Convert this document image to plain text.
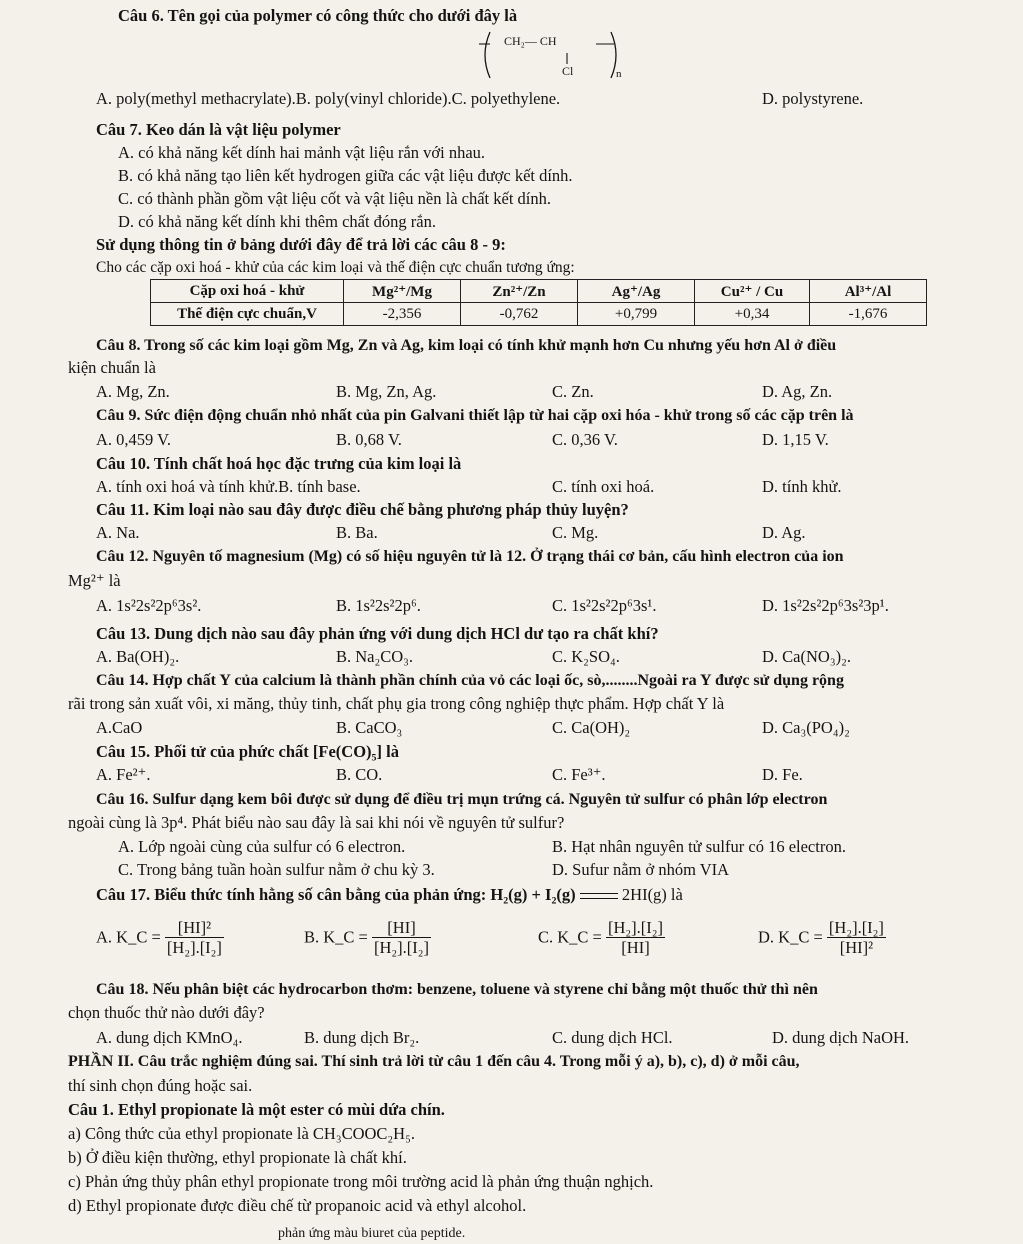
Câu 6. Tên gọi của polymer có công thức cho dưới đây là
CH₂— CH
Cl	n
A. poly(methyl methacrylate).B. poly(vinyl chloride).C. polyethylene.	D. polystyrene.
Câu 7. Keo dán là vật liệu polymer
A. có khả năng kết dính hai mảnh vật liệu rắn với nhau.
B. có khả năng tạo liên kết hydrogen giữa các vật liệu được kết dính.
C. có thành phần gồm vật liệu cốt và vật liệu nền là chất kết dính.
D. có khả năng kết dính khi thêm chất đóng rắn.
Sử dụng thông tin ở bảng dưới đây để trả lời các câu 8 - 9:
Cho các cặp oxi hoá - khử của các kim loại và thế điện cực chuẩn tương ứng:
Cặp oxi hoá - khử	Mg²⁺/Mg	Zn²⁺/Zn	Ag⁺/Ag	Cu²⁺ / Cu	Al³⁺/Al
Thế điện cực chuẩn,V	-2,356	-0,762	+0,799	+0,34	-1,676
Câu 8. Trong số các kim loại gồm Mg, Zn và Ag, kim loại có tính khử mạnh hơn Cu nhưng yếu hơn Al ở điều
kiện chuẩn là
A. Mg, Zn.	B. Mg, Zn, Ag.	C. Zn.	D. Ag, Zn.
Câu 9. Sức điện động chuẩn nhỏ nhất của pin Galvani thiết lập từ hai cặp oxi hóa - khử trong số các cặp trên là
A. 0,459 V.	B. 0,68 V.	C. 0,36 V.	D. 1,15 V.
Câu 10. Tính chất hoá học đặc trưng của kim loại là
A. tính oxi hoá và tính khử.B. tính base.	C. tính oxi hoá.	D. tính khử.
Câu 11. Kim loại nào sau đây được điều chế bằng phương pháp thủy luyện?
A. Na.	B. Ba.	C. Mg.	D. Ag.
Câu 12. Nguyên tố magnesium (Mg) có số hiệu nguyên tử là 12. Ở trạng thái cơ bản, cấu hình electron của ion
Mg²⁺ là
A. 1s²2s²2p⁶3s².	B. 1s²2s²2p⁶.	C. 1s²2s²2p⁶3s¹.	D. 1s²2s²2p⁶3s²3p¹.
Câu 13. Dung dịch nào sau đây phản ứng với dung dịch HCl dư tạo ra chất khí?
A. Ba(OH)₂.	B. Na₂CO₃.	C. K₂SO₄.	D. Ca(NO₃)₂.
Câu 14. Hợp chất Y của calcium là thành phần chính của vỏ các loại ốc, sò,........Ngoài ra Y được sử dụng rộng
rãi trong sản xuất vôi, xi măng, thủy tinh, chất phụ gia trong công nghiệp thực phẩm. Hợp chất Y là
A.CaO	B. CaCO₃	C. Ca(OH)₂	D. Ca₃(PO₄)₂
Câu 15. Phối tử của phức chất [Fe(CO)₅] là
A. Fe²⁺.	B. CO.	C. Fe³⁺.	D. Fe.
Câu 16. Sulfur dạng kem bôi được sử dụng để điều trị mụn trứng cá. Nguyên tử sulfur có phân lớp electron
ngoài cùng là 3p⁴. Phát biểu nào sau đây là sai khi nói về nguyên tử sulfur?
A. Lớp ngoài cùng của sulfur có 6 electron.	B. Hạt nhân nguyên tử sulfur có 16 electron.
C. Trong bảng tuần hoàn sulfur nằm ở chu kỳ 3.	D. Sufur nằm ở nhóm VIA
Câu 17. Biểu thức tính hằng số cân bằng của phản ứng: H₂(g) + I₂(g)	2HI(g) là
A. K_C = $\frac{\text{[HI]²}}{\text{[H₂].[I₂]}}$	B. K_C = $\frac{[HI]}{\text{[H₂].[I₂]}}$	C. K_C = $\frac{\text{[H₂].[I₂]}}{[HI]}$	D. K_C = $\frac{\text{[H₂].[I₂]}}{\text{[HI]²}}$
Câu 18. Nếu phân biệt các hydrocarbon thơm: benzene, toluene và styrene chỉ bằng một thuốc thử thì nên
chọn thuốc thử nào dưới đây?
A. dung dịch KMnO₄.	B. dung dịch Br₂.	C. dung dịch HCl.	D. dung dịch NaOH.
PHẦN II. Câu trắc nghiệm đúng sai. Thí sinh trả lời từ câu 1 đến câu 4. Trong mỗi ý a), b), c), d) ở mỗi câu,
thí sinh chọn đúng hoặc sai.
Câu 1. Ethyl propionate là một ester có mùi dứa chín.
a) Công thức của ethyl propionate là CH₃COOC₂H₅.
b) Ở điều kiện thường, ethyl propionate là chất khí.
c) Phản ứng thủy phân ethyl propionate trong môi trường acid là phản ứng thuận nghịch.
d) Ethyl propionate được điều chế từ propanoic acid và ethyl alcohol.
phản ứng màu biuret của peptide.
